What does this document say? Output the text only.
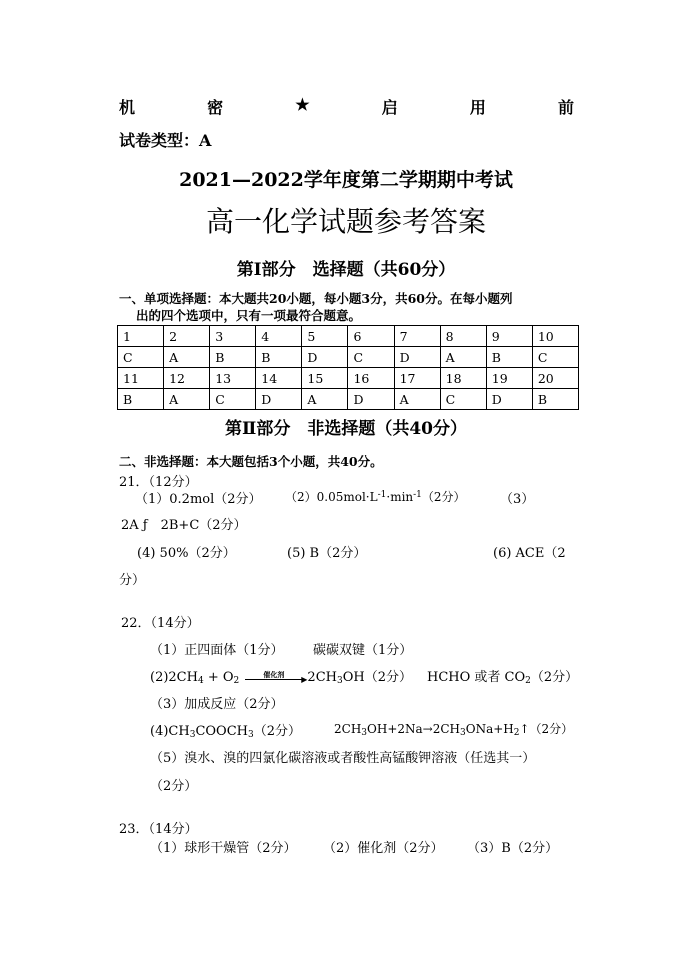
机	密	★	启	用	前
试卷类型：A
2021—2022学年度第二学期期中考试
高一化学试题参考答案
第Ⅰ部分　选择题（共60分）
一、单项选择题：本大题共20小题，每小题3分，共60分。在每小题列
出的四个选项中，只有一项最符合题意。
1	2	3	4	5	6	7	8	9	10
C	A	B	B	D	C	D	A	B	C
11	12	13	14	15	16	17	18	19	20
B	A	C	D	A	D	A	C	D	B
第Ⅱ部分　非选择题（共40分）
二、非选择题：本大题包括3个小题，共40分。
21．（12分）
（1）0.2mol（2分） $(2)0.05mol\cdot L^{-1}\cdot\min^{-1}(2$分）	（3）
2A ƒ　2B+C（2分）
(4) 50%（2分）	(5) B（2分）	(6) ACE（2
分）
22．（14分）
（1）正四面体（1分） 碳碳双键（1分）
$(2)2CH_4 + O_2$
催化剂
▶ $2CH_3OH(2$分） HCHO 或者 $CO_2(2$分）
（3）加成反应（2分）
$(4)CH_3COOCH_3(2$分）	$2CH_3OH+2Na\to 2CH_3ONa+H_2↑(2$分）
（5）溴水、溴的四氯化碳溶液或者酸性高锰酸钾溶液（任选其一）
（2分）
23．（14分）
（1）球形干燥管（2分） （2）催化剂（2分） （3）B（2分）
